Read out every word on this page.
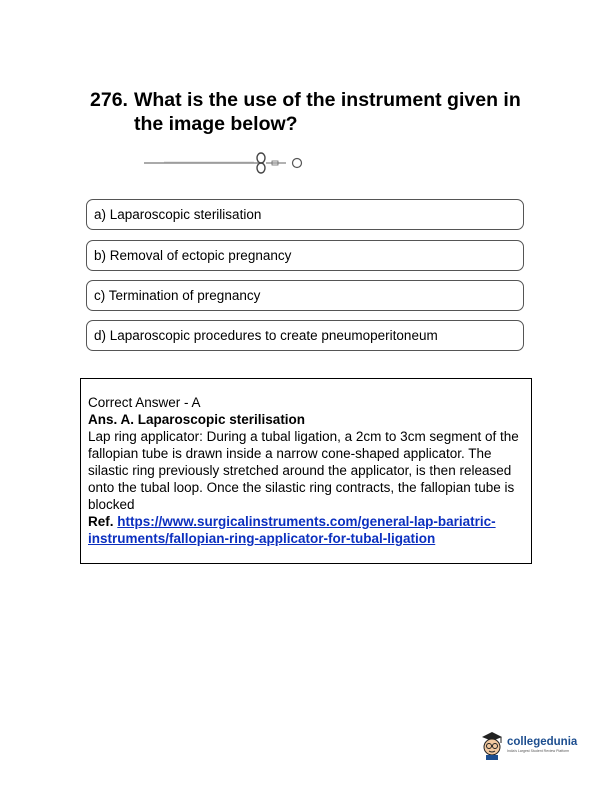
276. What is the use of the instrument given in the image below?
a) Laparoscopic sterilisation
b) Removal of ectopic pregnancy
c) Termination of pregnancy
d) Laparoscopic procedures to create pneumoperitoneum
Correct Answer - A
Ans. A. Laparoscopic sterilisation
Lap ring applicator: During a tubal ligation, a 2cm to 3cm segment of the fallopian tube is drawn inside a narrow cone-shaped applicator. The silastic ring previously stretched around the applicator, is then released onto the tubal loop. Once the silastic ring contracts, the fallopian tube is blocked
Ref. https://www.surgicalinstruments.com/general-lap-bariatric-instruments/fallopian-ring-applicator-for-tubal-ligation
collegedunia
India's Largest Student Review Platform
